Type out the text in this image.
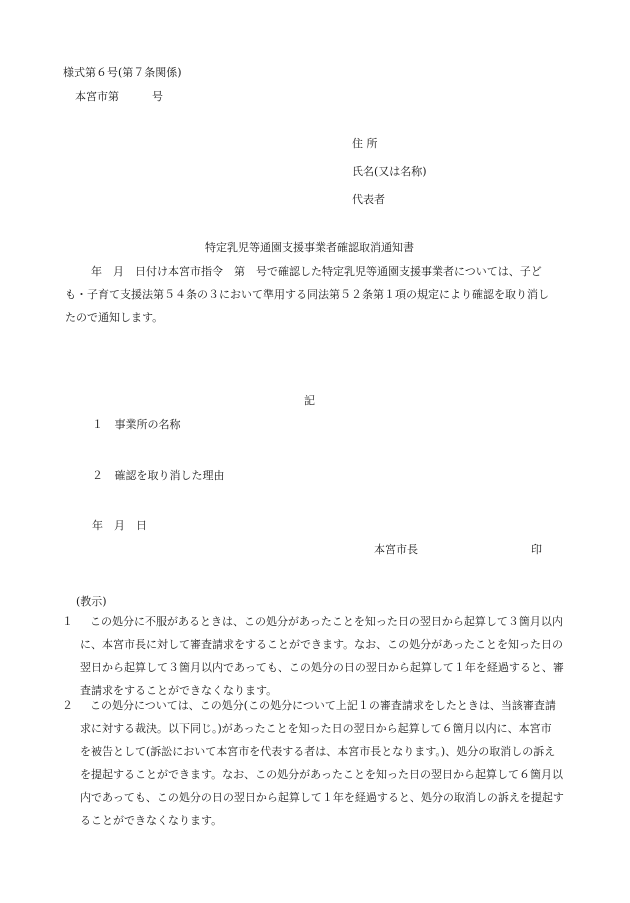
様式第６号(第７条関係)
本宮市第　　　号
住 所
氏名(又は名称)
代表者
特定乳児等通園支援事業者確認取消通知書
年　月　日付け本宮市指令　第　号で確認した特定乳児等通園支援事業者については、子ど
も・子育て支援法第５４条の３において準用する同法第５２条第１項の規定により確認を取り消し
たので通知します。
記
１ 事業所の名称
２ 確認を取り消した理由
年　月　日
本宮市長	印
(教示)
１	この処分に不服があるときは、この処分があったことを知った日の翌日から起算して３箇月以内
に、本宮市長に対して審査請求をすることができます。なお、この処分があったことを知った日の
翌日から起算して３箇月以内であっても、この処分の日の翌日から起算して１年を経過すると、審
査請求をすることができなくなります。
２	この処分については、この処分(この処分について上記１の審査請求をしたときは、当該審査請
求に対する裁決。以下同じ。)があったことを知った日の翌日から起算して６箇月以内に、本宮市
を被告として(訴訟において本宮市を代表する者は、本宮市長となります。)、処分の取消しの訴え
を提起することができます。なお、この処分があったことを知った日の翌日から起算して６箇月以
内であっても、この処分の日の翌日から起算して１年を経過すると、処分の取消しの訴えを提起す
ることができなくなります。
